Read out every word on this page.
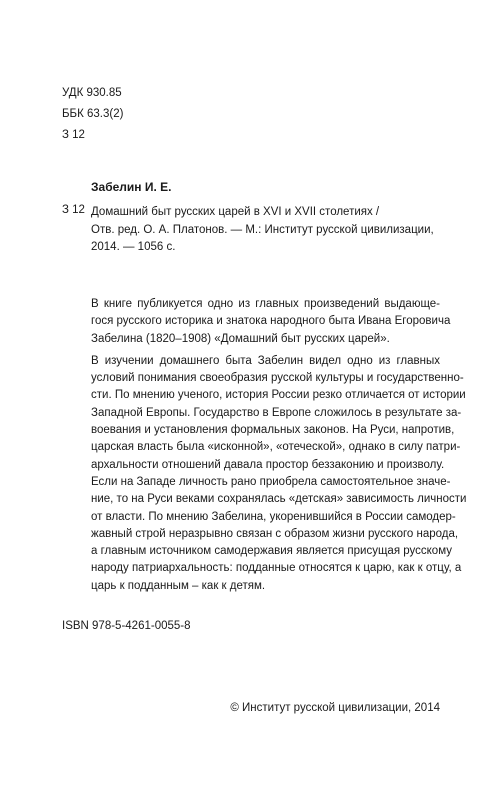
УДК 930.85
ББК 63.3(2)
З 12
Забелин И. Е.
З 12 Домашний быт русских царей в XVI и XVII столетиях /
Отв. ред. О. А. Платонов. — М.: Институт русской цивилизации,
2014. — 1056 с.

В книге публикуется одно из главных произведений выдающе-
гося русского историка и знатока народного быта Ивана Егоровича
Забелина (1820–1908) «Домашний быт русских царей».

В изучении домашнего быта Забелин видел одно из главных
условий понимания своеобразия русской культуры и государственно-
сти. По мнению ученого, история России резко отличается от истории
Западной Европы. Государство в Европе сложилось в результате за-
воевания и установления формальных законов. На Руси, напротив,
царская власть была «исконной», «отеческой», однако в силу патри-
архальности отношений давала простор беззаконию и произволу.
Если на Западе личность рано приобрела самостоятельное значе-
ние, то на Руси веками сохранялась «детская» зависимость личности
от власти. По мнению Забелина, укоренившийся в России самодер-
жавный строй неразрывно связан с образом жизни русского народа,
а главным источником самодержавия является присущая русскому
народу патриархальность: подданные относятся к царю, как к отцу, а
царь к подданным – как к детям.

ISBN 978-5-4261-0055-8
© Институт русской цивилизации, 2014
